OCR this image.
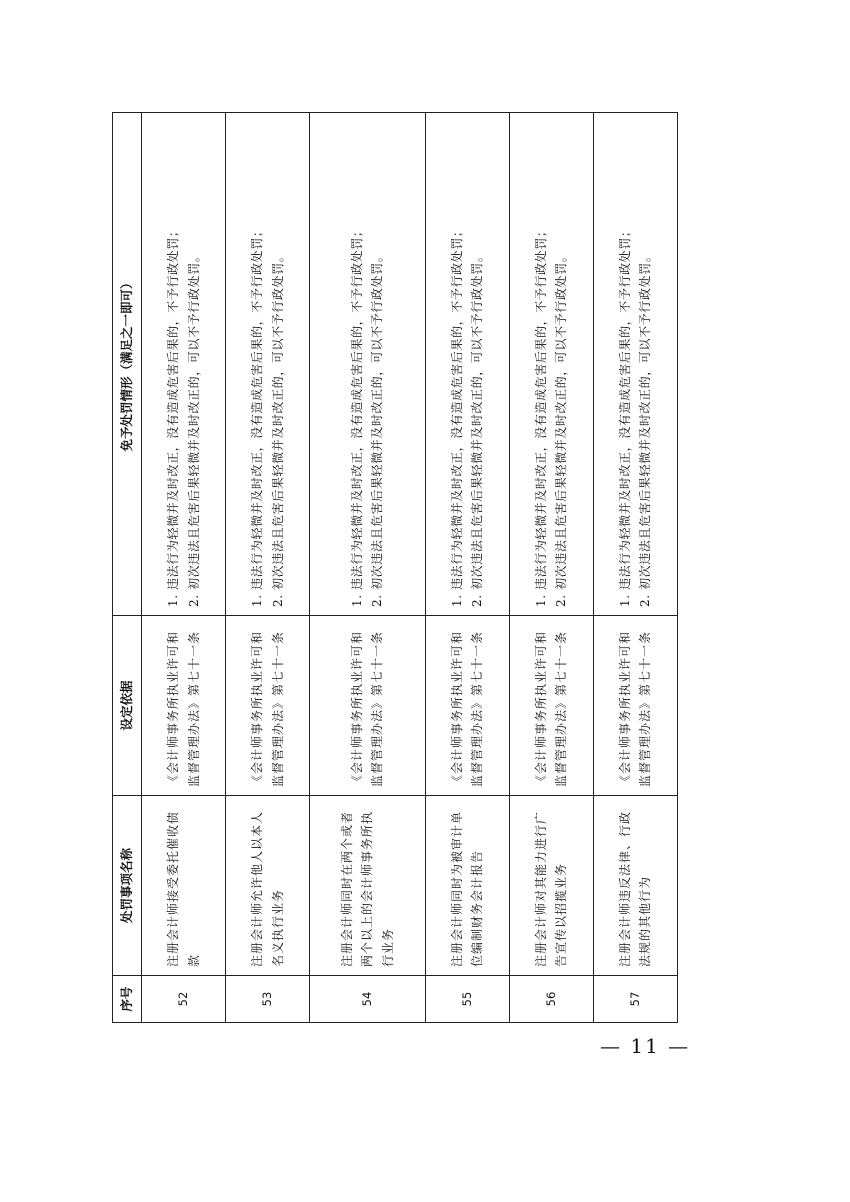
序号	处罚事项名称	设定依据	免予处罚情形（满足之一即可）
52	注册会计师接受委托催收债款	《会计师事务所执业许可和监督管理办法》第七十一条	1. 违法行为轻微并及时改正，没有造成危害后果的，不予行政处罚； 2. 初次违法且危害后果轻微并及时改正的，可以不予行政处罚。

53	注册会计师允许他人以本人名义执行业务	《会计师事务所执业许可和监督管理办法》第七十一条	1. 违法行为轻微并及时改正，没有造成危害后果的，不予行政处罚； 2. 初次违法且危害后果轻微并及时改正的，可以不予行政处罚。

54	注册会计师同时在两个或者两个以上的会计师事务所执行业务	《会计师事务所执业许可和监督管理办法》第七十一条	1. 违法行为轻微并及时改正，没有造成危害后果的，不予行政处罚； 2. 初次违法且危害后果轻微并及时改正的，可以不予行政处罚。

55	注册会计师同时为被审计单位编制财务会计报告	《会计师事务所执业许可和监督管理办法》第七十一条	1. 违法行为轻微并及时改正，没有造成危害后果的，不予行政处罚； 2. 初次违法且危害后果轻微并及时改正的，可以不予行政处罚。

56	注册会计师对其能力进行广告宣传以招揽业务	《会计师事务所执业许可和监督管理办法》第七十一条	1. 违法行为轻微并及时改正，没有造成危害后果的，不予行政处罚； 2. 初次违法且危害后果轻微并及时改正的，可以不予行政处罚。

57	注册会计师违反法律、行政法规的其他行为	《会计师事务所执业许可和监督管理办法》第七十一条	1. 违法行为轻微并及时改正，没有造成危害后果的，不予行政处罚； 2. 初次违法且危害后果轻微并及时改正的，可以不予行政处罚。
— 11 —
